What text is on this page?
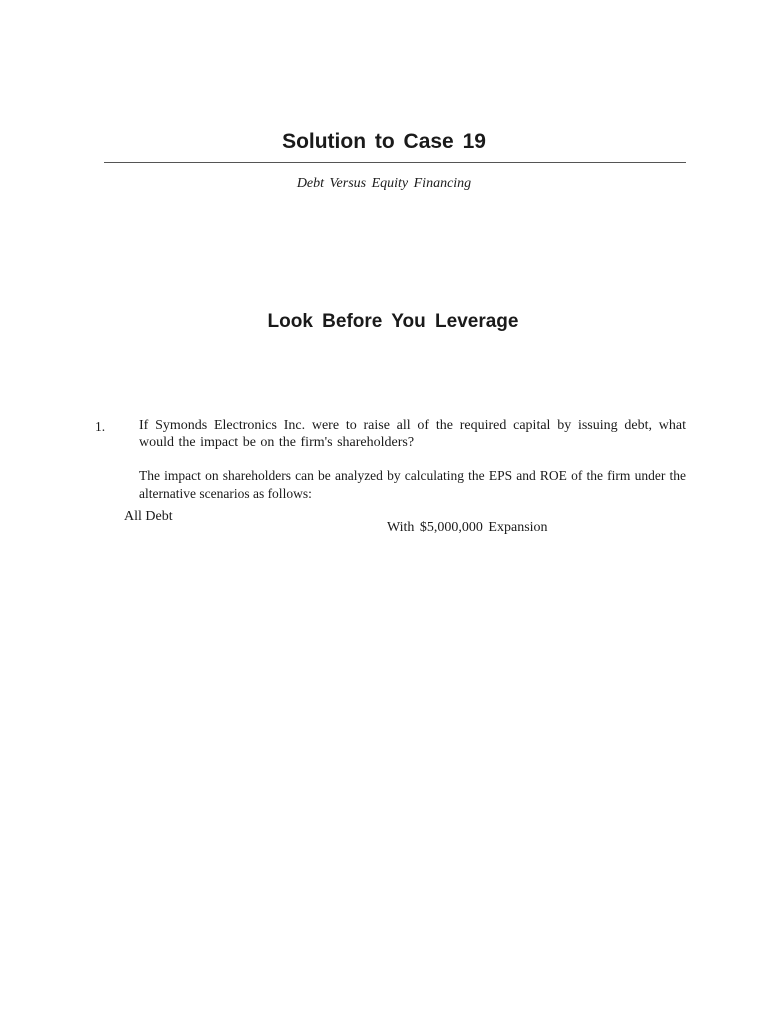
Solution to Case 19
Debt Versus Equity Financing
Look Before You Leverage
1. If Symonds Electronics Inc. were to raise all of the required capital by issuing debt, what would the impact be on the firm's shareholders?
The impact on shareholders can be analyzed by calculating the EPS and ROE of the firm under the alternative scenarios as follows:
All Debt
With $5,000,000 Expansion
